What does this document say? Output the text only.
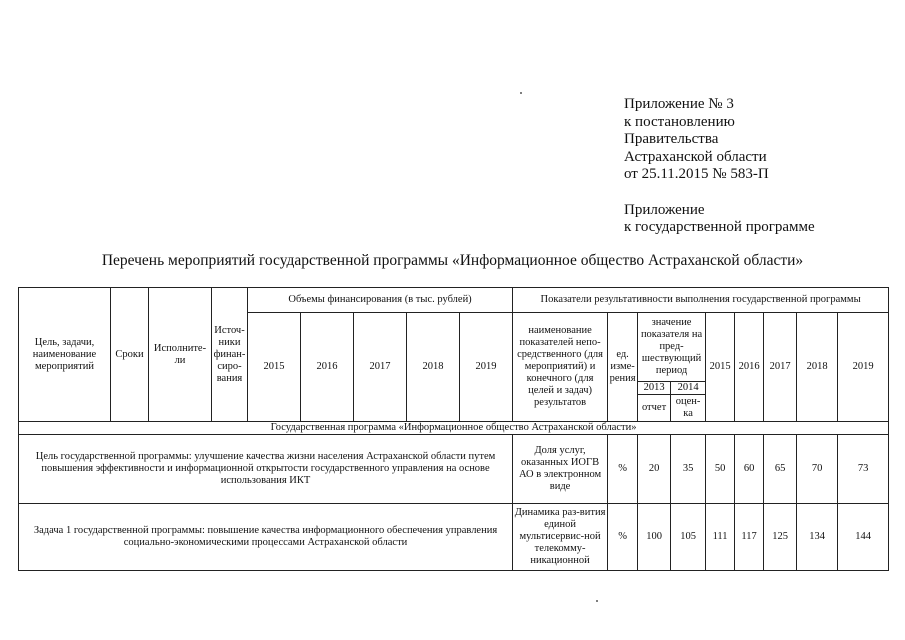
Приложение № 3
к постановлению
Правительства
Астраханской области
от 25.11.2015 № 583-П
Приложение
к государственной программе
Перечень мероприятий государственной программы «Информационное общество Астраханской области»
Цель, задачи, наименование мероприятий	Сроки	Исполните-ли	Источ-ники финан-сиро-вания	Объемы финансирования (в тыс. рублей)					Показатели результативности выполнения государственной программы								
				2015	2016	2017	2018	2019	наименование показателей непо-средственного (для мероприятий) и конечного (для целей и задач) результатов	ед. изме-рения	значение показателя на пред-шествующий период		2015	2016	2017	2018	2019
											2013	2014					
											отчет	оцен-ка					
Государственная программа «Информационное общество Астраханской области»																	
Цель государственной программы: улучшение качества жизни населения Астраханской области путем повышения эффективности и информационной открытости государственного управления на основе использования ИКТ									Доля услуг, оказанных ИОГВ АО в электронном виде	%	20	35	50	60	65	70	73
Задача 1 государственной программы: повышение качества информационного обеспечения управления социально-экономическими процессами Астраханской области									Динамика раз-вития единой мультисервис-ной телекомму-никационной	%	100	105	111	117	125	134	144
